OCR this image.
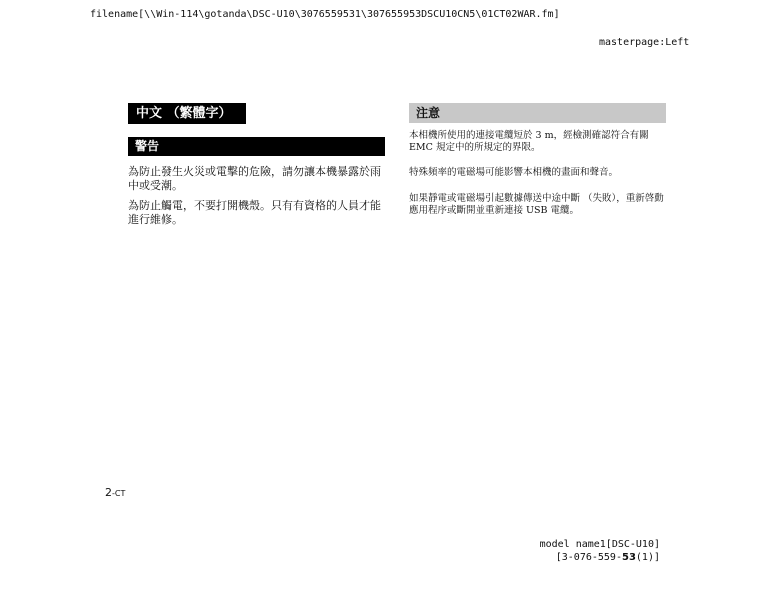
filename[\\Win-114\gotanda\DSC-U10\3076559531\307655953DSCU10CN5\01CT02WAR.fm]
masterpage:Left
中文 （繁體字）
警告
為防止發生火災或電擊的危險，請勿讓本機暴露於雨中或受潮。
為防止觸電，不要打開機殼。只有有資格的人員才能進行維修。
注意
本相機所使用的連接電纜短於 3 m，經檢測確認符合有關 EMC 規定中的所規定的界限。
特殊頻率的電磁場可能影響本相機的畫面和聲音。
如果靜電或電磁場引起數據傳送中途中斷 （失敗），重新啓動應用程序或斷開並重新連接 USB 電纜。
2-CT
model name1[DSC-U10]
[3-076-559-53(1)]
